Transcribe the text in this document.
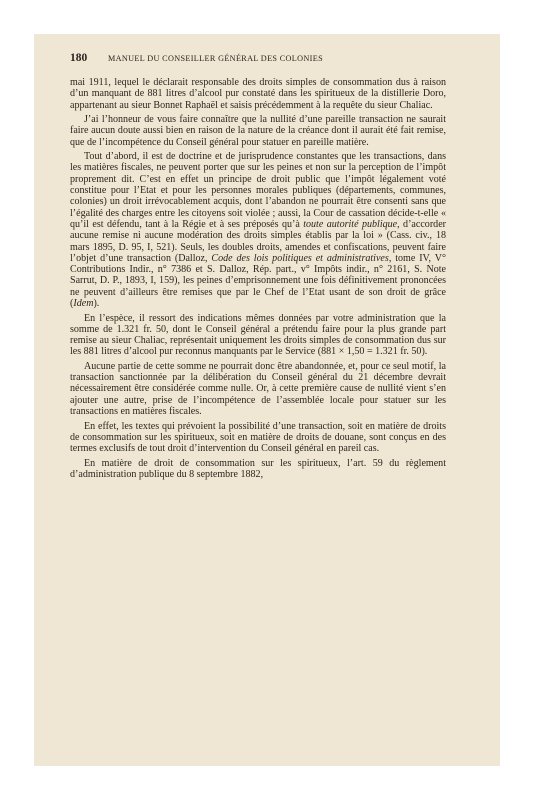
180	MANUEL DU CONSEILLER GÉNÉRAL DES COLONIES

mai 1911, lequel le déclarait responsable des droits simples de consommation dus à raison d’un manquant de 881 litres d’alcool pur constaté dans les spiritueux de la distillerie Doro, appartenant au sieur Bonnet Raphaël et saisis précédemment à la requête du sieur Chaliac.

J’ai l’honneur de vous faire connaître que la nullité d’une pareille transaction ne saurait faire aucun doute aussi bien en raison de la nature de la créance dont il aurait été fait remise, que de l’incompétence du Conseil général pour statuer en pareille matière.

Tout d’abord, il est de doctrine et de jurisprudence constantes que les transactions, dans les matières fiscales, ne peuvent porter que sur les peines et non sur la perception de l’impôt proprement dit. C’est en effet un principe de droit public que l’impôt légalement voté constitue pour l’Etat et pour les personnes morales publiques (départements, communes, colonies) un droit irrévocablement acquis, dont l’abandon ne pourrait être consenti sans que l’égalité des charges entre les citoyens soit violée ; aussi, la Cour de cassation décide-t-elle « qu’il est défendu, tant à la Régie et à ses préposés qu’à toute autorité publique, d’accorder aucune remise ni aucune modération des droits simples établis par la loi » (Cass. civ., 18 mars 1895, D. 95, I, 521). Seuls, les doubles droits, amendes et confiscations, peuvent faire l’objet d’une transaction (Dalloz, Code des lois politiques et administratives, tome IV, V° Contributions Indir., n° 7386 et S. Dalloz, Rép. part., v° Impôts indir., n° 2161, S. Note Sarrut, D. P., 1893, I, 159), les peines d’emprisonnement une fois définitivement prononcées ne peuvent d’ailleurs être remises que par le Chef de l’Etat usant de son droit de grâce (Idem).

En l’espèce, il ressort des indications mêmes données par votre administration que la somme de 1.321 fr. 50, dont le Conseil général a prétendu faire pour la plus grande part remise au sieur Chaliac, représentait uniquement les droits simples de consommation dus sur les 881 litres d’alcool pur reconnus manquants par le Service (881 × 1,50 = 1.321 fr. 50).

Aucune partie de cette somme ne pourrait donc être abandonnée, et, pour ce seul motif, la transaction sanctionnée par la délibération du Conseil général du 21 décembre devrait nécessairement être considérée comme nulle. Or, à cette première cause de nullité vient s’en ajouter une autre, prise de l’incompétence de l’assemblée locale pour statuer sur les transactions en matières fiscales.

En effet, les textes qui prévoient la possibilité d’une transaction, soit en matière de droits de consommation sur les spiritueux, soit en matière de droits de douane, sont conçus en des termes exclusifs de tout droit d’intervention du Conseil général en pareil cas.

En matière de droit de consommation sur les spiritueux, l’art. 59 du règlement d’administration publique du 8 septembre 1882,
